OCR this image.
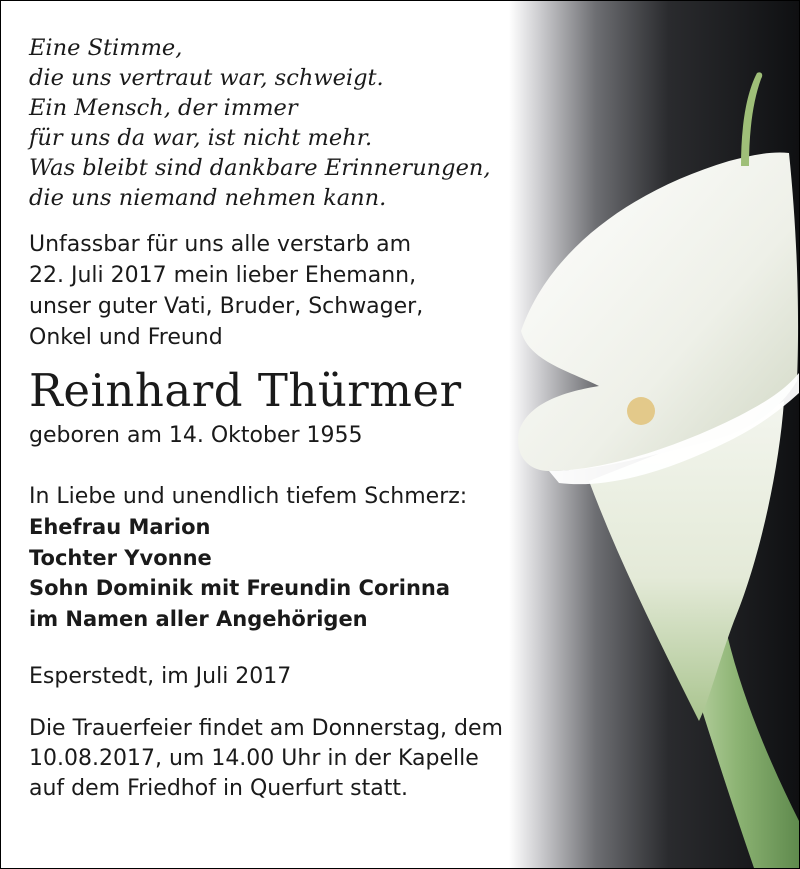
Eine Stimme,
die uns vertraut war, schweigt.
Ein Mensch, der immer
für uns da war, ist nicht mehr.
Was bleibt sind dankbare Erinnerungen,
die uns niemand nehmen kann.
Unfassbar für uns alle verstarb am
22. Juli 2017 mein lieber Ehemann,
unser guter Vati, Bruder, Schwager,
Onkel und Freund
Reinhard Thürmer
geboren am 14. Oktober 1955
In Liebe und unendlich tiefem Schmerz:
Ehefrau Marion
Tochter Yvonne
Sohn Dominik mit Freundin Corinna
im Namen aller Angehörigen
Esperstedt, im Juli 2017
Die Trauerfeier findet am Donnerstag, dem
10.08.2017, um 14.00 Uhr in der Kapelle
auf dem Friedhof in Querfurt statt.
